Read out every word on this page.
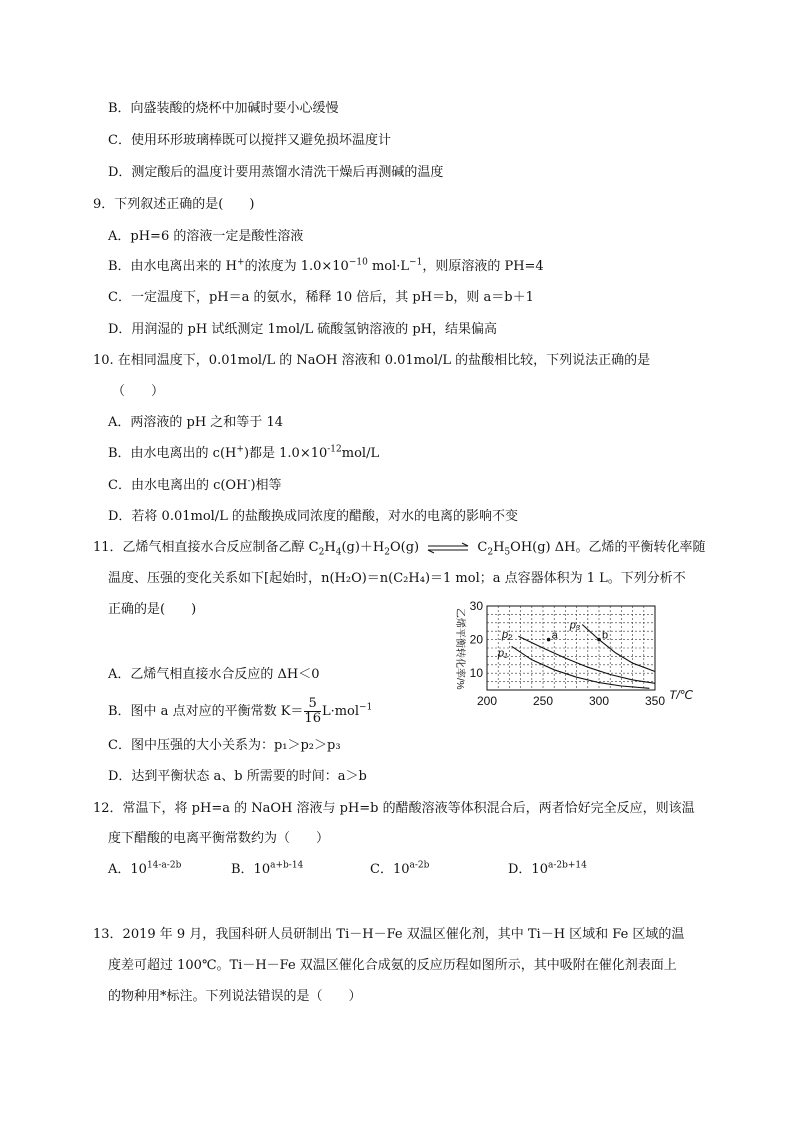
B．向盛装酸的烧杯中加碱时要小心缓慢
C．使用环形玻璃棒既可以搅拌又避免损坏温度计
D．测定酸后的温度计要用蒸馏水清洗干燥后再测碱的温度
9．下列叙述正确的是(　　)
A．pH=6 的溶液一定是酸性溶液
B．由水电离出来的 H+的浓度为 $1.0\times 10^{-10}$ $mol\cdot L^{-1}$，则原溶液的 PH=4
C．一定温度下，pH＝a 的氨水，稀释 10 倍后，其 pH＝b，则 a＝b＋1
D．用润湿的 pH 试纸测定 1mol/L 硫酸氢钠溶液的 pH，结果偏高
10. 在相同温度下，0.01mol/L 的 NaOH 溶液和 0.01mol/L 的盐酸相比较，下列说法正确的是
（　　）
A．两溶液的 pH 之和等于 14
B．由水电离出的 c(H+)都是 $1.0\times 10^{-12}mol/L$
C．由水电离出的 c(OH-)相等
D．若将 0.01mol/L 的盐酸换成同浓度的醋酸，对水的电离的影响不变
11．乙烯气相直接水合反应制备乙醇 $C_2H_4(g)+H_2O(g)$ ⇌ $C_2H_5OH(g)$ ΔH。乙烯的平衡转化率随
温度、压强的变化关系如下[起始时，n(H₂O)＝n(C₂H₄)＝1 mol；a 点容器体积为 1 L。下列分析不
正确的是(　　)
p₁
p₂
p₃
a	b
200	250	300	350
10
20
30
乙烯平衡转化率/%
T/℃
A．乙烯气相直接水合反应的 ΔH＜0
B．图中 a 点对应的平衡常数 $K= \frac{5}{16} L\cdot mol^{-1}$
C．图中压强的大小关系为：p₁＞p₂＞p₃
D．达到平衡状态 a、b 所需要的时间：a＞b
12．常温下，将 pH=a 的 NaOH 溶液与 pH=b 的醋酸溶液等体积混合后，两者恰好完全反应，则该温
度下醋酸的电离平衡常数约为（　　）
A．$10^{14-a-2b}$	B．$10^{a+b-14}$	C．$10^{a-2b}$	D．$10^{a-2b+14}$
13．2019 年 9 月，我国科研人员研制出 Ti－H－Fe 双温区催化剂，其中 Ti－H 区域和 Fe 区域的温
度差可超过 100℃。Ti－H－Fe 双温区催化合成氨的反应历程如图所示，其中吸附在催化剂表面上
的物种用*标注。下列说法错误的是（　　）
